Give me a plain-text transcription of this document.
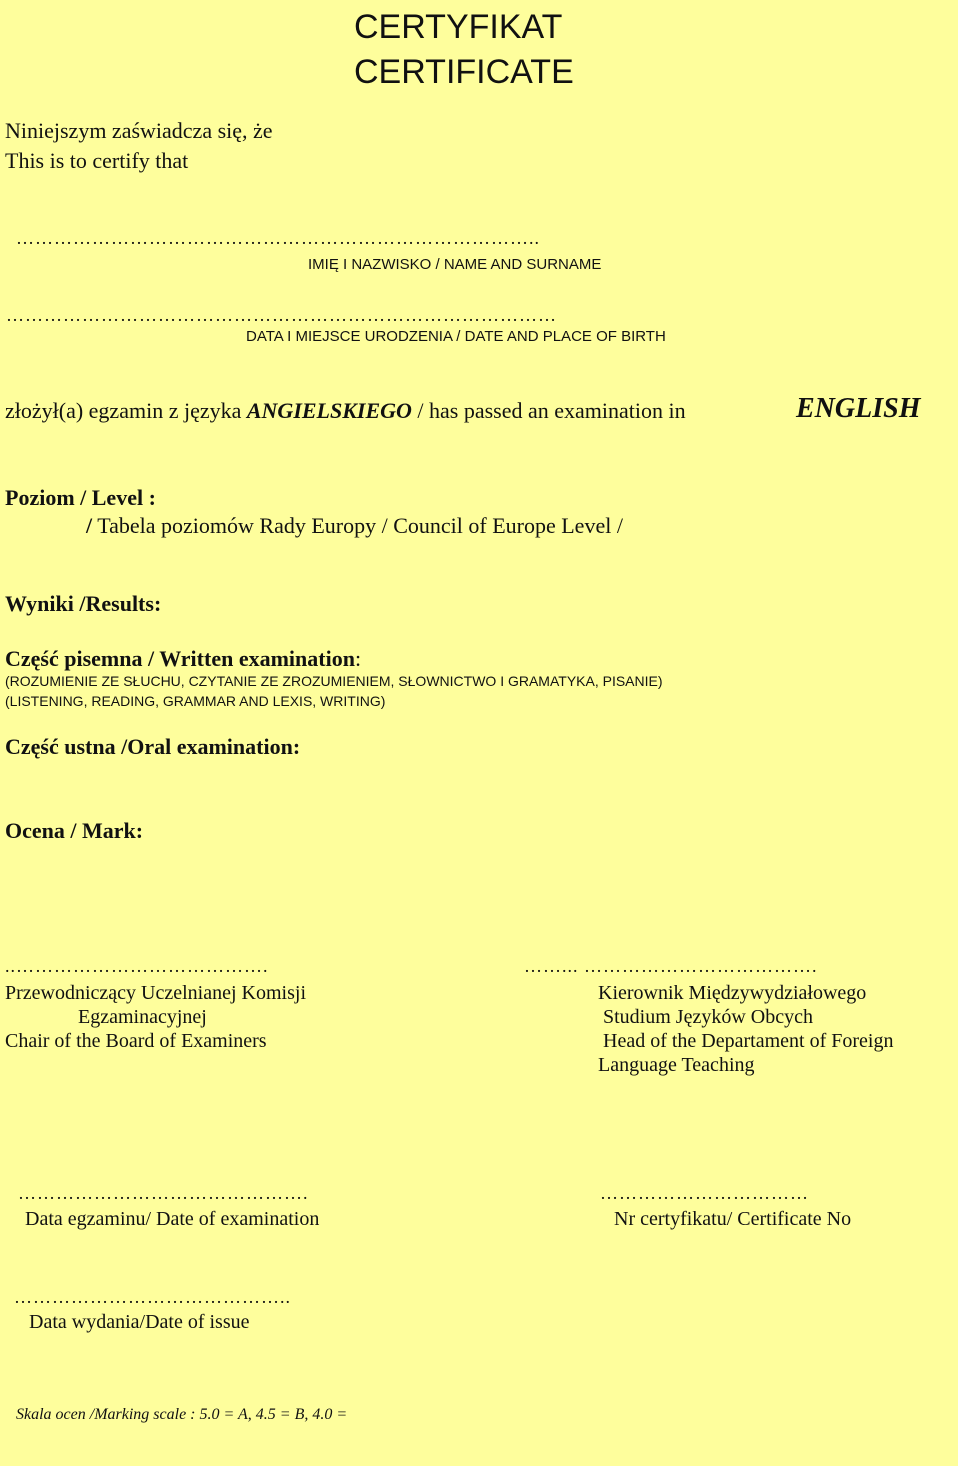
CERTYFIKAT
CERTIFICATE
Niniejszym zaświadcza się, że
This is to certify that
………………………………………………………………………..
IMIĘ I NAZWISKO / NAME AND SURNAME
……………………………………………………………………………
DATA I MIEJSCE URODZENIA / DATE AND PLACE OF BIRTH
złożył(a) egzamin z języka ANGIELSKIEGO / has passed an examination in	ENGLISH
Poziom / Level :
/ Tabela poziomów Rady Europy / Council of Europe Level /
Wyniki /Results:
Część pisemna / Written examination:
(ROZUMIENIE ZE SŁUCHU, CZYTANIE ZE ZROZUMIENIEM, SŁOWNICTWO I GRAMATYKA, PISANIE)
(LISTENING, READING, GRAMMAR AND LEXIS, WRITING)
Część ustna /Oral examination:
Ocena / Mark:
..………………………………….
Przewodniczący Uczelnianej Komisji
Egzaminacyjnej
Chair of the Board of Examiners
……... ……………………………….
Kierownik Międzywydziałowego
Studium Języków Obcych
Head of the Departament of Foreign
Language Teaching
……………………………………….
Data egzaminu/ Date of examination
……………………………
Nr certyfikatu/ Certificate No
……………………………………..
Data wydania/Date of issue
Skala ocen /Marking scale : 5.0 = A, 4.5 = B, 4.0 =
